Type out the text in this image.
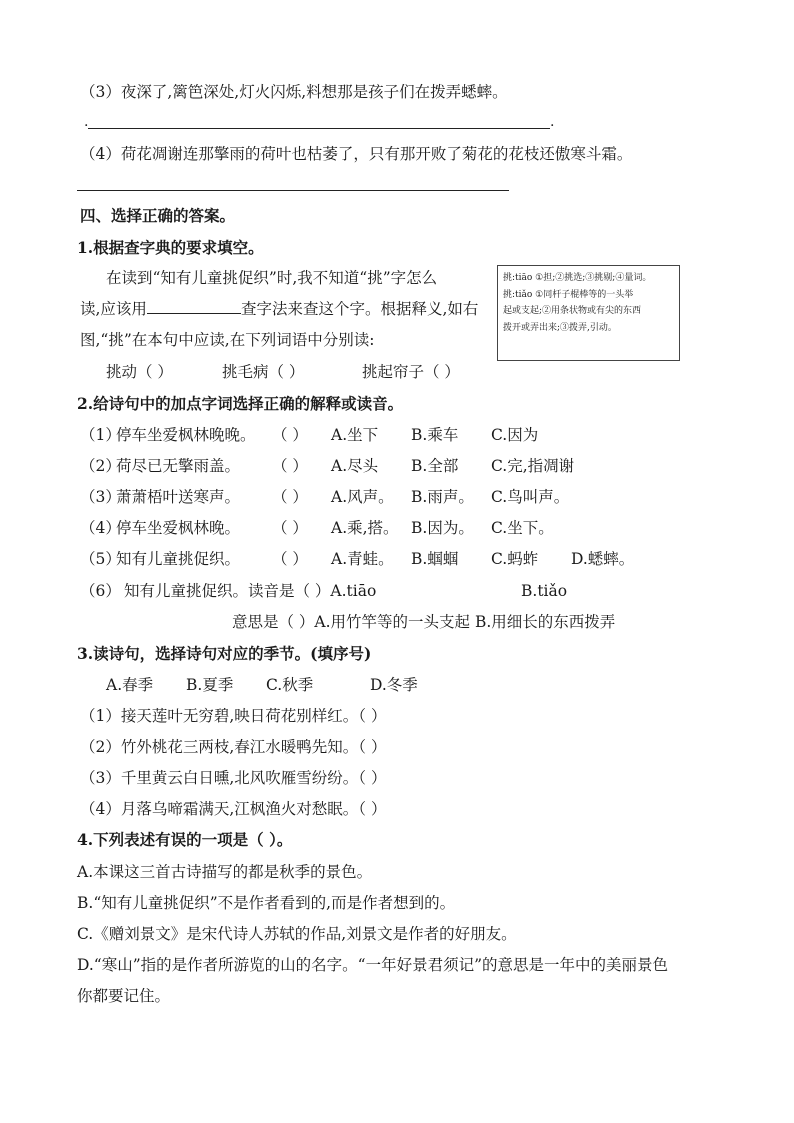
（3）夜深了,篱笆深处,灯火闪烁,料想那是孩子们在拨弄蟋蟀。
.	.
（4）荷花凋谢连那擎雨的荷叶也枯萎了，只有那开败了菊花的花枝还傲寒斗霜。
四、选择正确的答案。
1.根据查字典的要求填空。
在读到“知有儿童挑促织”时,我不知道“挑”字怎么
读,应该用	查字法来查这个字。根据释义,如右
图,“挑”在本句中应读,在下列词语中分别读:
挑动（ ）	挑毛病（ ）	挑起帘子（ ）
挑:tiāo ①担;②挑选;③挑剔;④量词。
挑:tiǎo ①同杆子棍棒等的一头举
起或支起;②用条状物或有尖的东西
拨开或弄出来;③拨弄,引动。
2.给诗句中的加点字词选择正确的解释或读音。
（1）
停车坐爱枫林晚晚。 （ ） A.坐下 B.乘车 C.因为
（2）
荷尽已无擎雨盖。 （ ） A.尽头 B.全部 C.完,指凋谢
（3）
萧萧梧叶送寒声。 （ ） A.风声。 B.雨声。 C.鸟叫声。
（4）
停车坐爱枫林晚。 （ ） A.乘,搭。 B.因为。 C.坐下。
（5）
知有儿童挑促织。 （ ） A.青蛙。 B.蝈蝈 C.蚂蚱 D.蟋蟀。
（6） 知有儿童挑促织。读音是（ ）A.tiāo	B.tiǎo
意思是（ ）A.用竹竿等的一头支起 B.用细长的东西拨弄
3.读诗句，选择诗句对应的季节。(填序号)
A.春季 B.夏季 C.秋季	D.冬季
（1）接天莲叶无穷碧,映日荷花别样红。（ ）
（2）竹外桃花三两枝,春江水暖鸭先知。（ ）
（3）千里黄云白日曛,北风吹雁雪纷纷。（ ）
（4）月落乌啼霜满天,江枫渔火对愁眠。（ ）
4.下列表述有误的一项是（ ）。
A.本课这三首古诗描写的都是秋季的景色。
B.“知有儿童挑促织”不是作者看到的,而是作者想到的。
C.《赠刘景文》是宋代诗人苏轼的作品,刘景文是作者的好朋友。
D.“寒山”指的是作者所游览的山的名字。“一年好景君须记”的意思是一年中的美丽景色
你都要记住。
